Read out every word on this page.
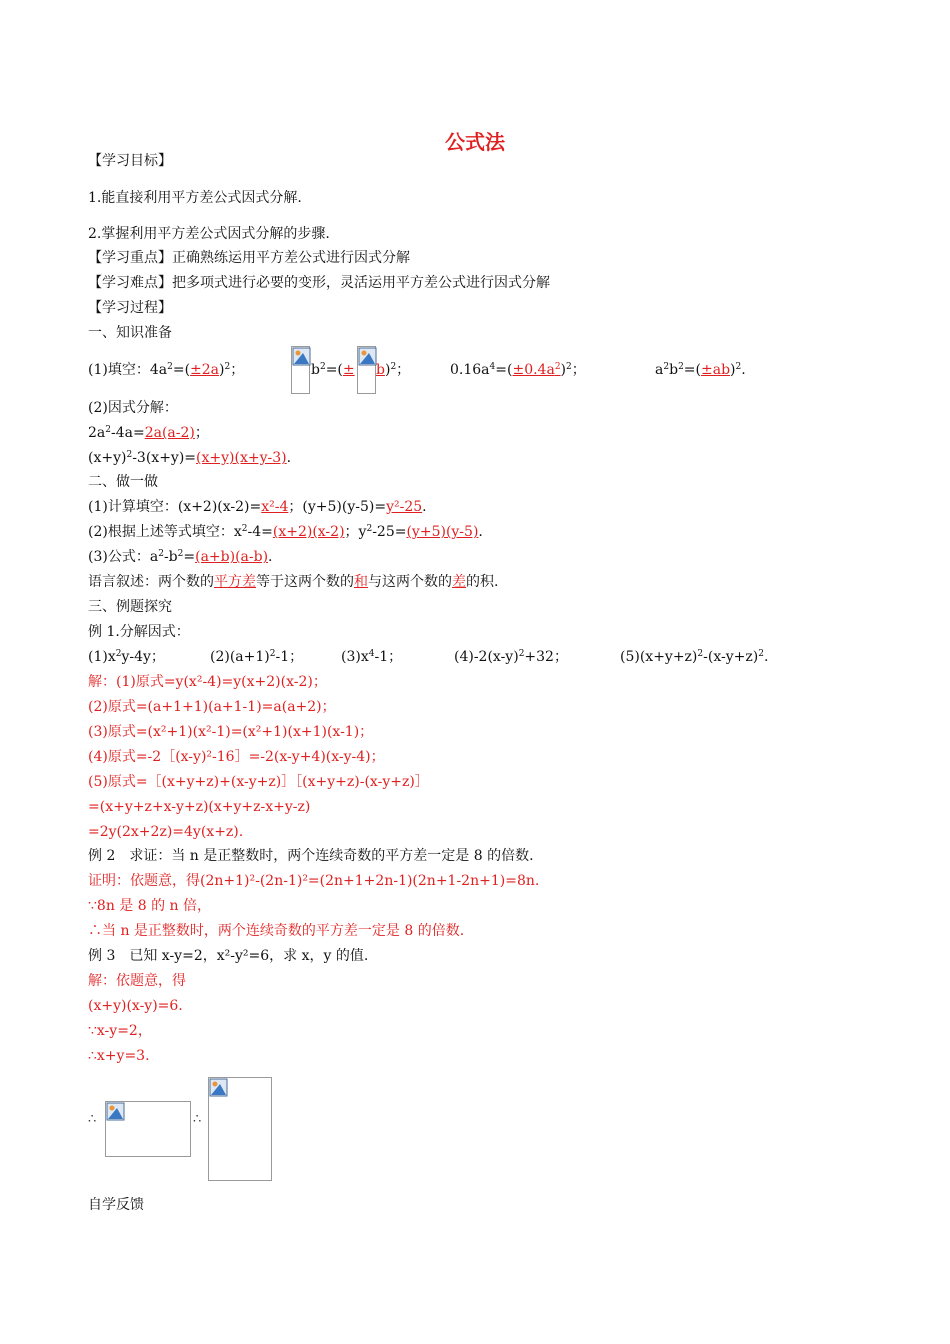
公式法
【学习目标】
1.能直接利用平方差公式因式分解.
2.掌握利用平方差公式因式分解的步骤.
【学习重点】正确熟练运用平方差公式进行因式分解
【学习难点】把多项式进行必要的变形，灵活运用平方差公式进行因式分解
【学习过程】
一、知识准备
(1)填空：$4a^2=(\pm 2a)^2$；	$b^2=(\pm b)^2$；	$0.16a^4=(\pm 0.4a^2)^2$；	$a^2b^2=(\pm ab)^2$.
(2)因式分解：
$2a^2-4a=2a(a-2)$；
$(x+y)^2-3(x+y)=(x+y)(x+y-3)$.
二、做一做
(1)计算填空：(x+2)(x-2)=x²-4；(y+5)(y-5)=y²-25.
(2)根据上述等式填空：$x^2-4=(x+2)(x-2)$；$y^2-25=(y+5)(y-5)$.
(3)公式：$a^2-b^2=(a+b)(a-b)$.
语言叙述：两个数的平方差等于这两个数的和与这两个数的差的积.
三、例题探究
例 1.分解因式：
$(1)x^2y-4y$；	$(2)(a+1)^2-1$；	$(3)x^4-1$；	$(4)-2(x-y)^2+32$；	$(5)(x+y+z)^2-(x-y+z)^2$.
解：(1)原式=y(x²-4)=y(x+2)(x-2)；
(2)原式=(a+1+1)(a+1-1)=a(a+2)；
(3)原式=(x²+1)(x²-1)=(x²+1)(x+1)(x-1)；
(4)原式=-2［(x-y)²-16］=-2(x-y+4)(x-y-4)；
(5)原式=［(x+y+z)+(x-y+z)］［(x+y+z)-(x-y+z)］
=(x+y+z+x-y+z)(x+y+z-x+y-z)
=2y(2x+2z)=4y(x+z).
例 2　求证：当 n 是正整数时，两个连续奇数的平方差一定是 8 的倍数.
证明：依题意，得(2n+1)²-(2n-1)²=(2n+1+2n-1)(2n+1-2n+1)=8n.
∵8n 是 8 的 n 倍，
∴当 n 是正整数时，两个连续奇数的平方差一定是 8 的倍数.
例 3　已知 x-y=2，x²-y²=6，求 x，y 的值.
解：依题意，得
(x+y)(x-y)=6.
∵x-y=2，
∴x+y=3.
∴	∴
自学反馈
